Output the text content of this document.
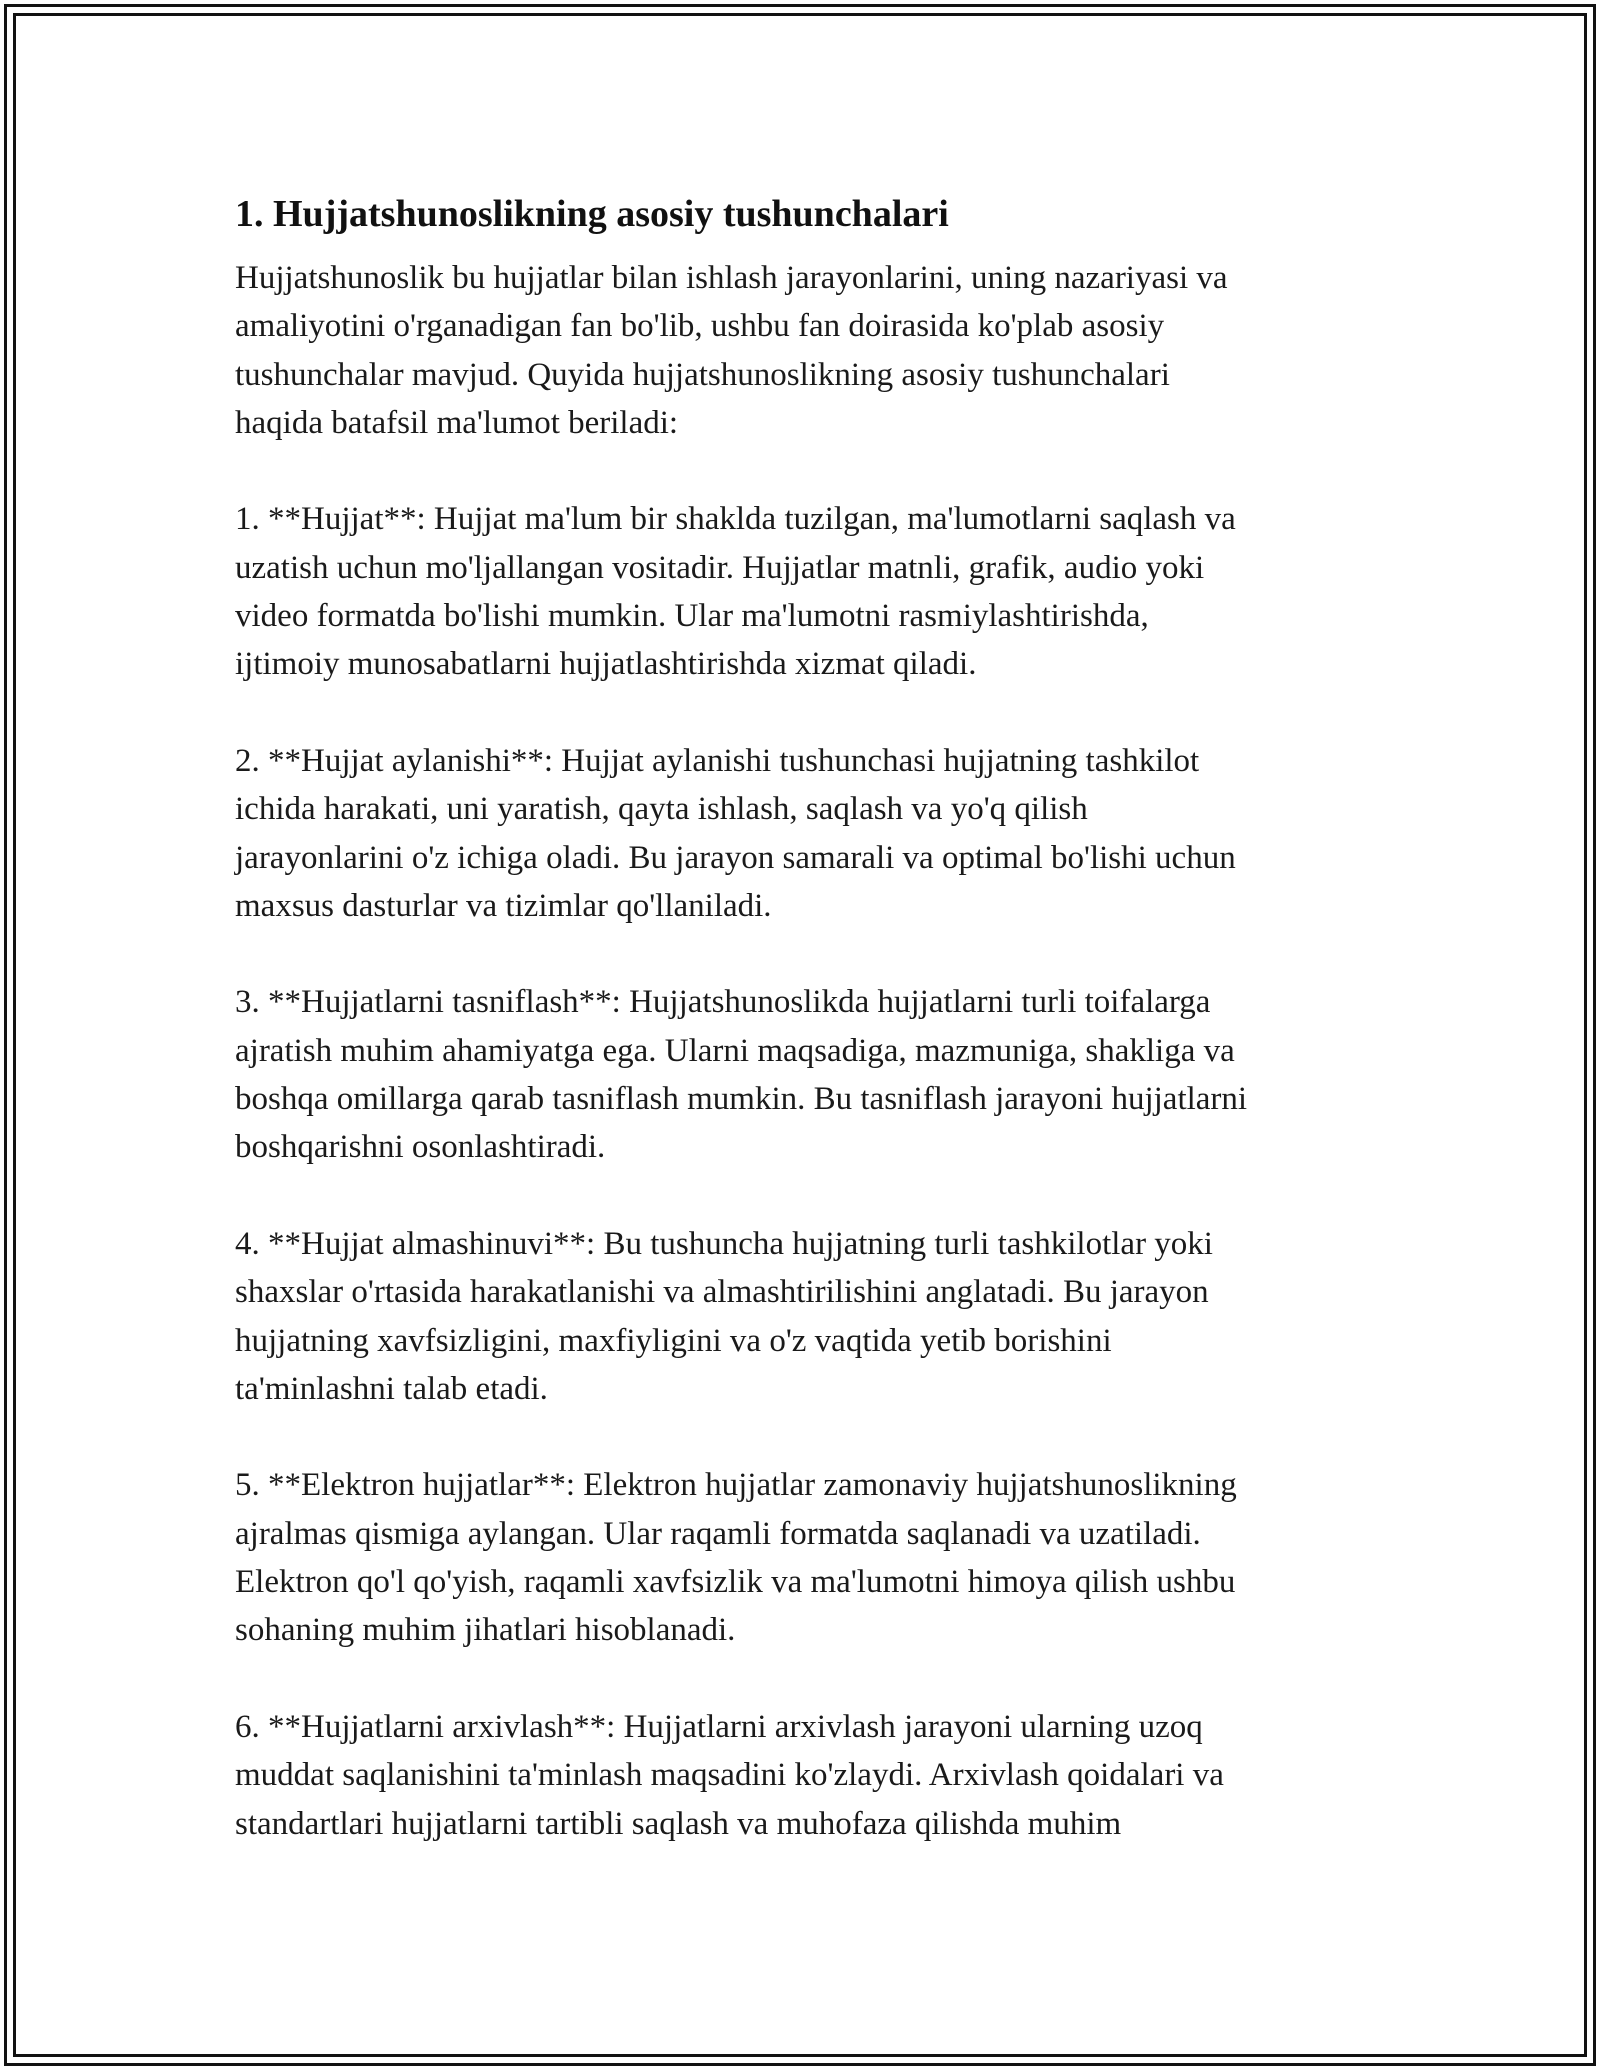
1. Hujjatshunoslikning asosiy tushunchalari

Hujjatshunoslik bu hujjatlar bilan ishlash jarayonlarini, uning nazariyasi va
amaliyotini o'rganadigan fan bo'lib, ushbu fan doirasida ko'plab asosiy
tushunchalar mavjud. Quyida hujjatshunoslikning asosiy tushunchalari
haqida batafsil ma'lumot beriladi:

1. **Hujjat**: Hujjat ma'lum bir shaklda tuzilgan, ma'lumotlarni saqlash va
uzatish uchun mo'ljallangan vositadir. Hujjatlar matnli, grafik, audio yoki
video formatda bo'lishi mumkin. Ular ma'lumotni rasmiylashtirishda,
ijtimoiy munosabatlarni hujjatlashtirishda xizmat qiladi.

2. **Hujjat aylanishi**: Hujjat aylanishi tushunchasi hujjatning tashkilot
ichida harakati, uni yaratish, qayta ishlash, saqlash va yo'q qilish
jarayonlarini o'z ichiga oladi. Bu jarayon samarali va optimal bo'lishi uchun
maxsus dasturlar va tizimlar qo'llaniladi.

3. **Hujjatlarni tasniflash**: Hujjatshunoslikda hujjatlarni turli toifalarga
ajratish muhim ahamiyatga ega. Ularni maqsadiga, mazmuniga, shakliga va
boshqa omillarga qarab tasniflash mumkin. Bu tasniflash jarayoni hujjatlarni
boshqarishni osonlashtiradi.

4. **Hujjat almashinuvi**: Bu tushuncha hujjatning turli tashkilotlar yoki
shaxslar o'rtasida harakatlanishi va almashtirilishini anglatadi. Bu jarayon
hujjatning xavfsizligini, maxfiyligini va o'z vaqtida yetib borishini
ta'minlashni talab etadi.

5. **Elektron hujjatlar**: Elektron hujjatlar zamonaviy hujjatshunoslikning
ajralmas qismiga aylangan. Ular raqamli formatda saqlanadi va uzatiladi.
Elektron qo'l qo'yish, raqamli xavfsizlik va ma'lumotni himoya qilish ushbu
sohaning muhim jihatlari hisoblanadi.

6. **Hujjatlarni arxivlash**: Hujjatlarni arxivlash jarayoni ularning uzoq
muddat saqlanishini ta'minlash maqsadini ko'zlaydi. Arxivlash qoidalari va
standartlari hujjatlarni tartibli saqlash va muhofaza qilishda muhim
